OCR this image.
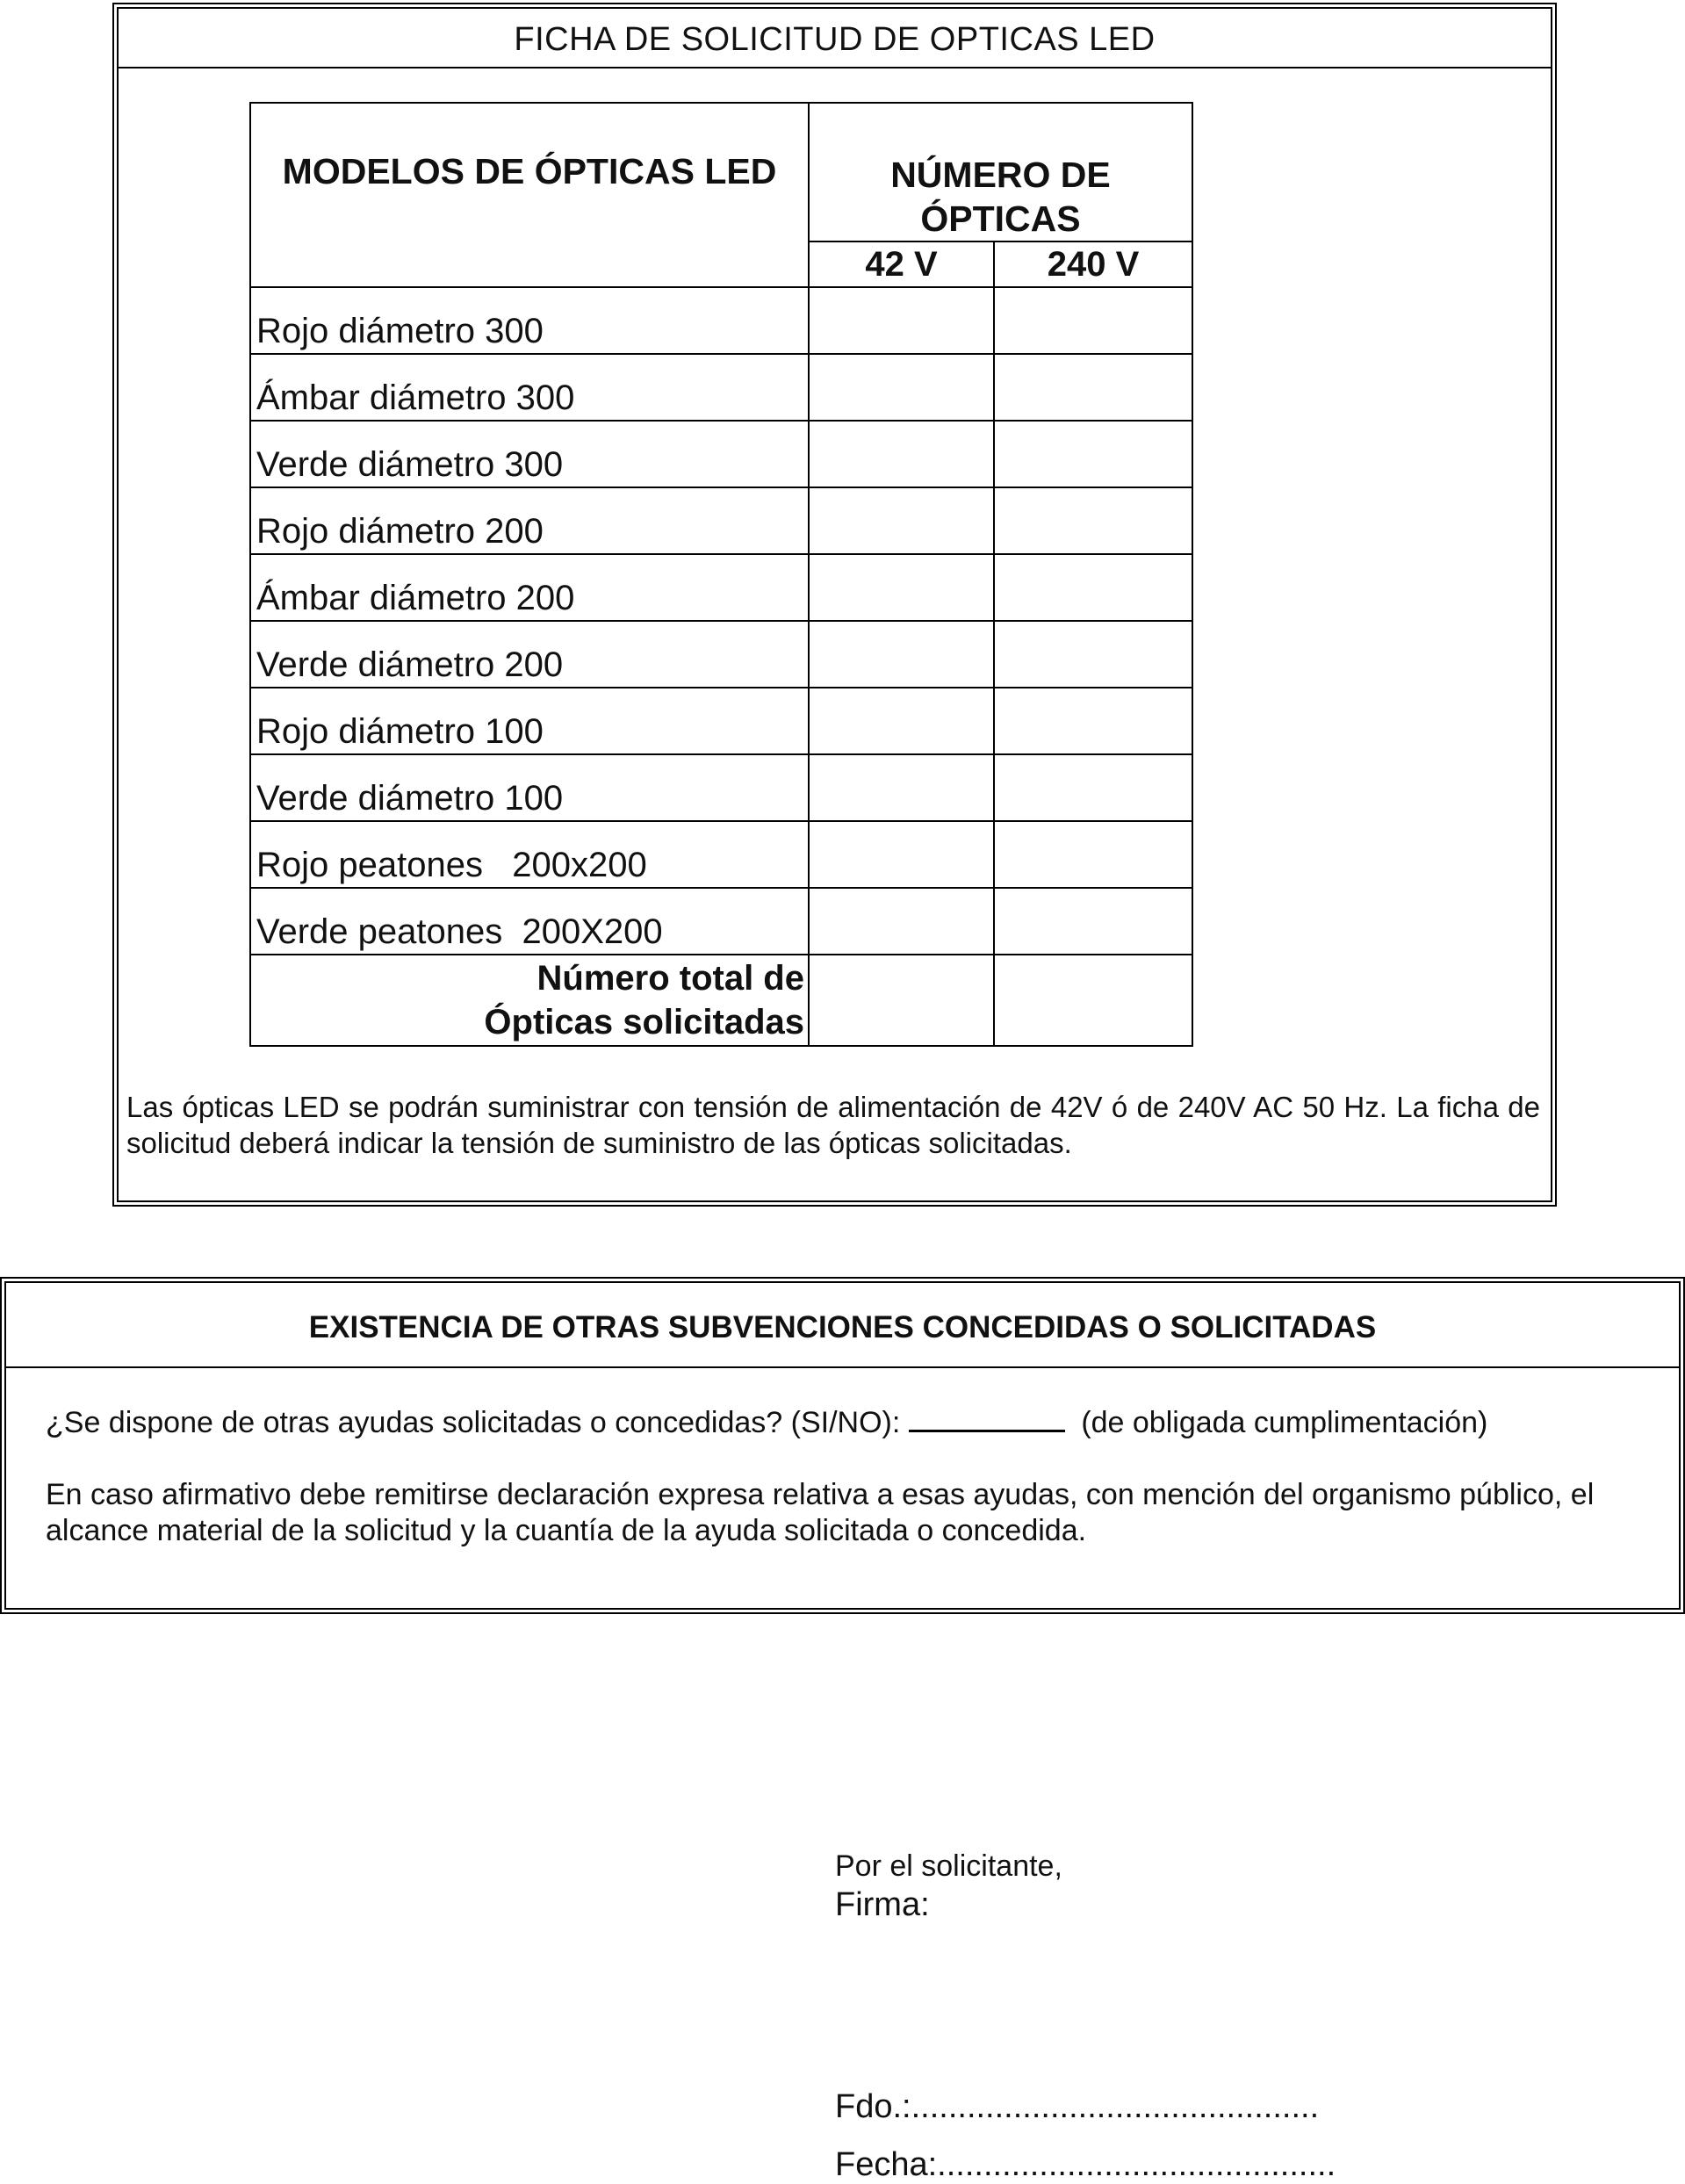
FICHA DE SOLICITUD DE OPTICAS LED
MODELOS DE ÓPTICAS LED	NÚMERO DE ÓPTICAS	
	42 V	240 V
Rojo diámetro 300		
Ámbar diámetro 300		
Verde diámetro 300		
Rojo diámetro 200		
Ámbar diámetro 200		
Verde diámetro 200		
Rojo diámetro 100		
Verde diámetro 100		
Rojo peatones   200x200		
Verde peatones  200X200		
Número total de
Ópticas solicitadas		
Las ópticas LED se podrán suministrar con tensión de alimentación de 42V ó de 240V AC 50 Hz. La ficha de solicitud deberá indicar la tensión de suministro de las ópticas solicitadas.
EXISTENCIA DE OTRAS SUBVENCIONES CONCEDIDAS O SOLICITADAS
¿Se dispone de otras ayudas solicitadas o concedidas? (SI/NO):	(de obligada cumplimentación)
En caso afirmativo debe remitirse declaración expresa relativa a esas ayudas, con mención del organismo público, el alcance material de la solicitud y la cuantía de la ayuda solicitada o concedida.
Por el solicitante,
Firma:
Fdo.:............................................
Fecha:...........................................
